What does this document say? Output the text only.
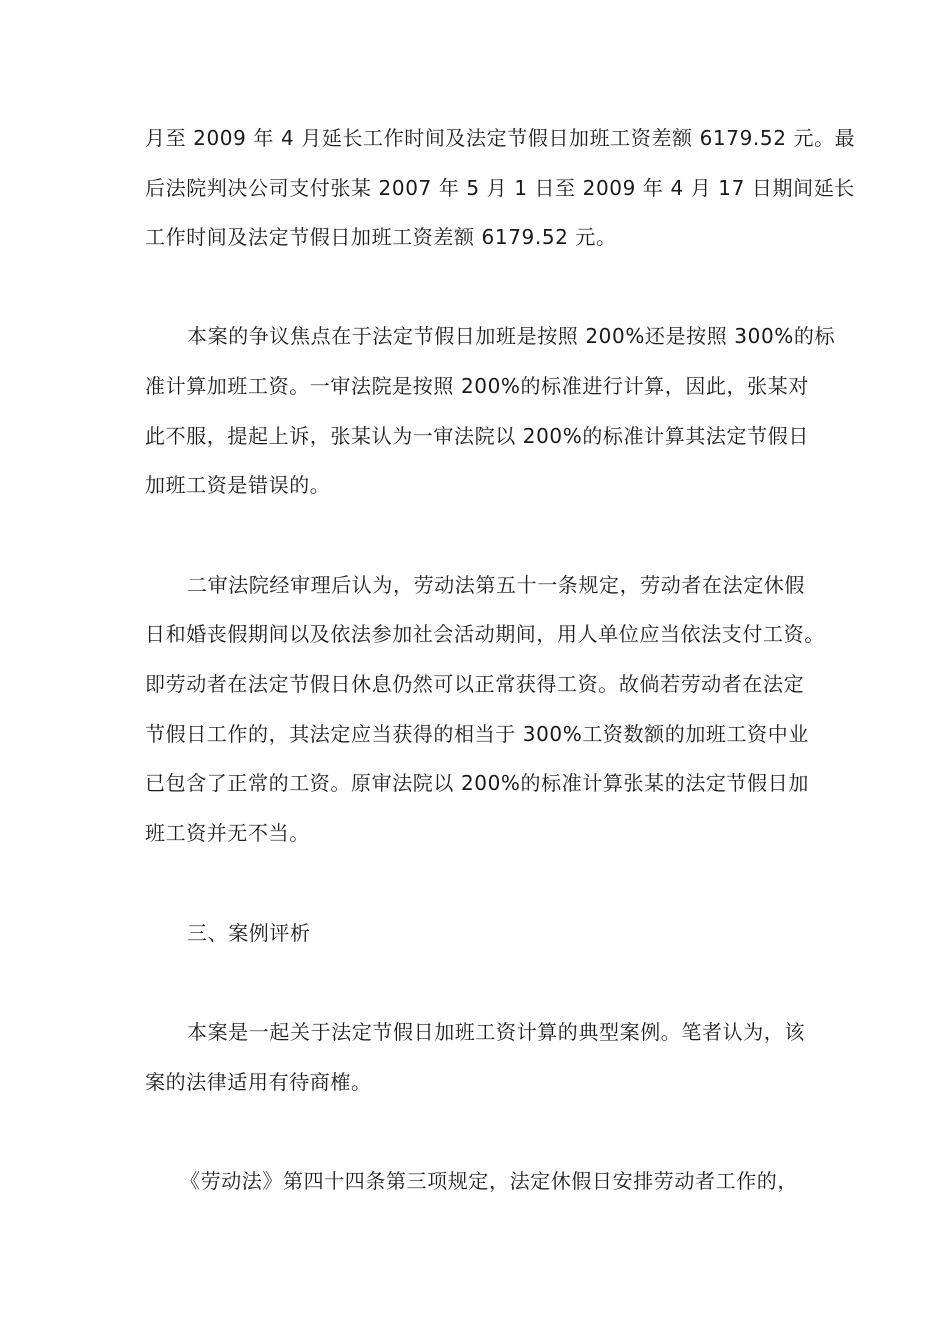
月至 2009 年 4 月延长工作时间及法定节假日加班工资差额 6179.52 元。最
后法院判决公司支付张某 2007 年 5 月 1 日至 2009 年 4 月 17 日期间延长
工作时间及法定节假日加班工资差额 6179.52 元。
本案的争议焦点在于法定节假日加班是按照 200%还是按照 300%的标
准计算加班工资。一审法院是按照 200%的标准进行计算，因此，张某对
此不服，提起上诉，张某认为一审法院以 200%的标准计算其法定节假日
加班工资是错误的。
二审法院经审理后认为，劳动法第五十一条规定，劳动者在法定休假
日和婚丧假期间以及依法参加社会活动期间，用人单位应当依法支付工资。
即劳动者在法定节假日休息仍然可以正常获得工资。故倘若劳动者在法定
节假日工作的，其法定应当获得的相当于 300%工资数额的加班工资中业
已包含了正常的工资。原审法院以 200%的标准计算张某的法定节假日加
班工资并无不当。
三、案例评析
本案是一起关于法定节假日加班工资计算的典型案例。笔者认为，该
案的法律适用有待商榷。
《劳动法》第四十四条第三项规定，法定休假日安排劳动者工作的，
